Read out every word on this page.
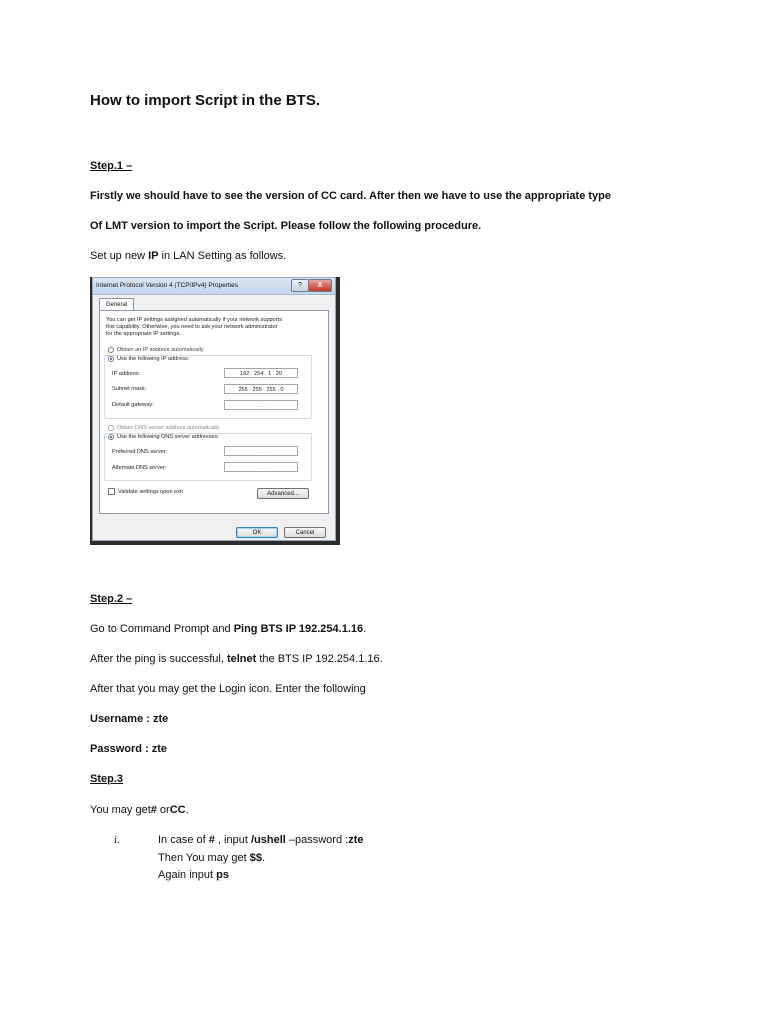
How to import Script in the BTS.
Step.1 –
Firstly we should have to see the version of CC card. After then we have to use the appropriate type
Of LMT version to import the Script. Please follow the following procedure.
Set up new IP in LAN Setting as follows.
Internet Protocol Version 4 (TCP/IPv4) Properties	?	X
General
You can get IP settings assigned automatically if your network supports
this capability. Otherwise, you need to ask your network administrator
for the appropriate IP settings.
Obtain an IP address automatically
Use the following IP address:
IP address:	192 . 254 . 1 . 20
Subnet mask:	255 . 255 . 255 . 0
Default gateway:	. . .
Obtain DNS server address automatically
Use the following DNS server addresses:
Preferred DNS server:	. . .
Alternate DNS server:	. . .
Validate settings upon exit	Advanced...
OK	Cancel
Step.2 –
Go to Command Prompt and Ping BTS IP 192.254.1.16.
After the ping is successful, telnet the BTS IP 192.254.1.16.
After that you may get the Login icon. Enter the following
Username : zte
Password : zte
Step.3
You may get# orCC.
i.	In case of # , input /ushell –password :zte
Then You may get $$.
Again input ps
